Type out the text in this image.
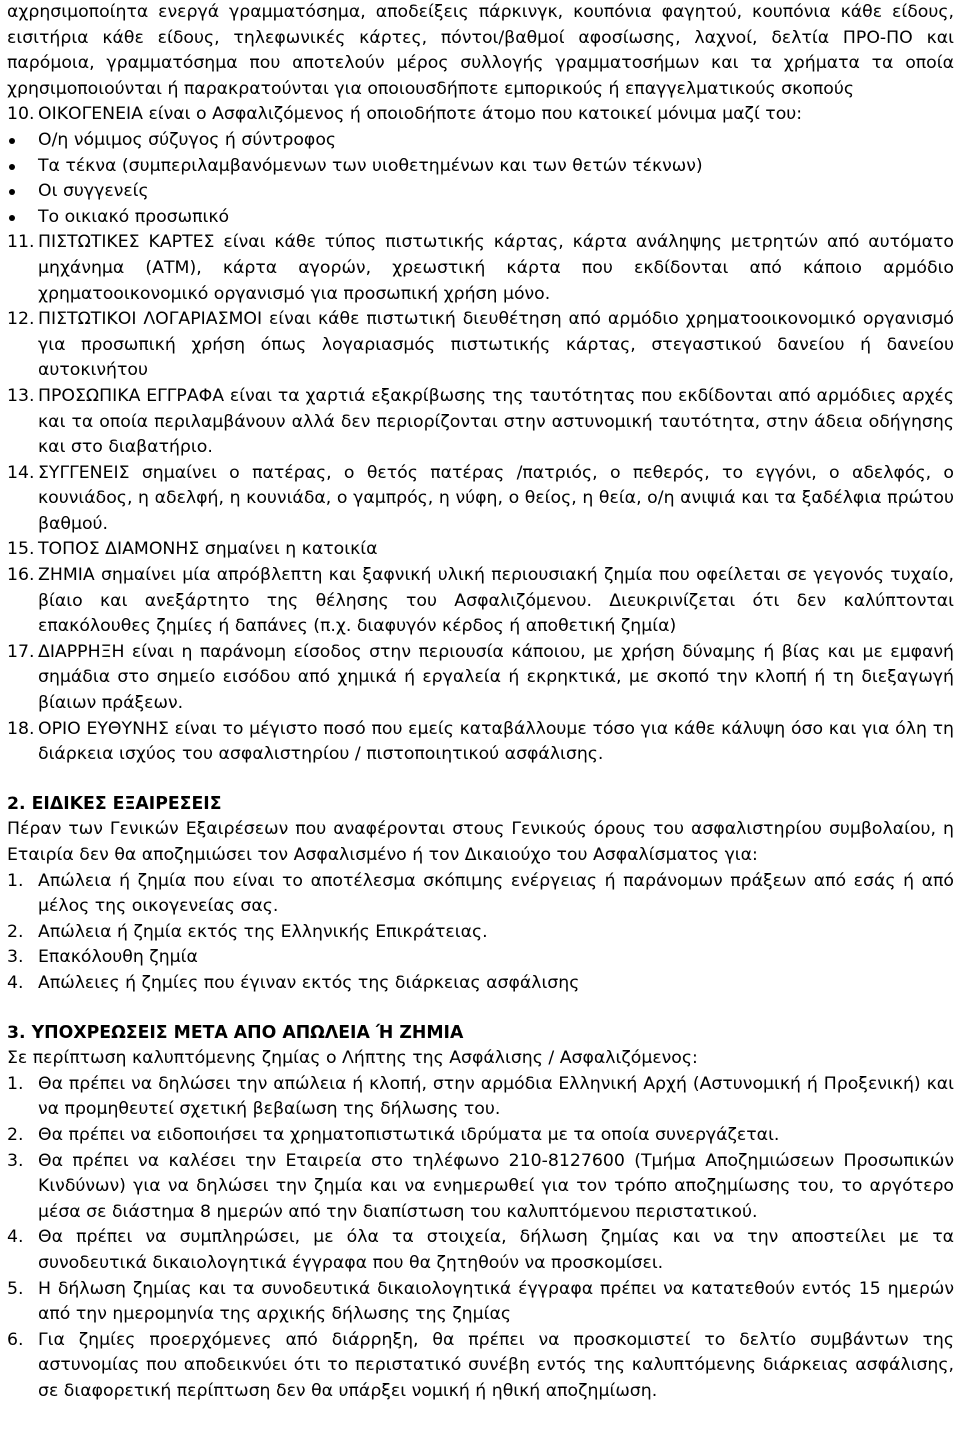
αχρησιμοποίητα ενεργά γραμματόσημα, αποδείξεις πάρκινγκ, κουπόνια φαγητού, κουπόνια κάθε είδους, εισιτήρια κάθε είδους, τηλεφωνικές κάρτες, πόντοι/βαθμοί αφοσίωσης, λαχνοί, δελτία ΠΡΟ-ΠΟ και παρόμοια, γραμματόσημα που αποτελούν μέρος συλλογής γραμματοσήμων και τα χρήματα τα οποία χρησιμοποιούνται ή παρακρατούνται για οποιουσδήποτε εμπορικούς ή επαγγελματικούς σκοπούς

10. ΟΙΚΟΓΕΝΕΙΑ είναι ο Ασφαλιζόμενος ή οποιοδήποτε άτομο που κατοικεί μόνιμα μαζί του:
Ο/η νόμιμος σύζυγος ή σύντροφος
Τα τέκνα (συμπεριλαμβανόμενων των υιοθετημένων και των θετών τέκνων)
Οι συγγενείς
Το οικιακό προσωπικό
11. ΠΙΣΤΩΤΙΚΕΣ ΚΑΡΤΕΣ είναι κάθε τύπος πιστωτικής κάρτας, κάρτα ανάληψης μετρητών από αυτόματο μηχάνημα (ΑΤΜ), κάρτα αγορών, χρεωστική κάρτα που εκδίδονται από κάποιο αρμόδιο χρηματοοικονομικό οργανισμό για προσωπική χρήση μόνο.
12. ΠΙΣΤΩΤΙΚΟΙ ΛΟΓΑΡΙΑΣΜΟΙ είναι κάθε πιστωτική διευθέτηση από αρμόδιο χρηματοοικονομικό οργανισμό για προσωπική χρήση όπως λογαριασμός πιστωτικής κάρτας, στεγαστικού δανείου ή δανείου αυτοκινήτου
13. ΠΡΟΣΩΠΙΚΑ ΕΓΓΡΑΦΑ είναι τα χαρτιά εξακρίβωσης της ταυτότητας που εκδίδονται από αρμόδιες αρχές και τα οποία περιλαμβάνουν αλλά δεν περιορίζονται στην αστυνομική ταυτότητα, στην άδεια οδήγησης και στο διαβατήριο.
14. ΣΥΓΓΕΝΕΙΣ σημαίνει ο πατέρας, ο θετός πατέρας /πατριός, ο πεθερός, το εγγόνι, ο αδελφός, ο κουνιάδος, η αδελφή, η κουνιάδα, ο γαμπρός, η νύφη, ο θείος, η θεία, ο/η ανιψιά και τα ξαδέλφια πρώτου βαθμού.
15. ΤΟΠΟΣ ΔΙΑΜΟΝΗΣ σημαίνει η κατοικία
16. ΖΗΜΙΑ σημαίνει μία απρόβλεπτη και ξαφνική υλική περιουσιακή ζημία που οφείλεται σε γεγονός τυχαίο, βίαιο και ανεξάρτητο της θέλησης του Ασφαλιζόμενου. Διευκρινίζεται ότι δεν καλύπτονται επακόλουθες ζημίες ή δαπάνες (π.χ. διαφυγόν κέρδος ή αποθετική ζημία)
17. ΔΙΑΡΡΗΞΗ είναι η παράνομη είσοδος στην περιουσία κάποιου, με χρήση δύναμης ή βίας και με εμφανή σημάδια στο σημείο εισόδου από χημικά ή εργαλεία ή εκρηκτικά, με σκοπό την κλοπή ή τη διεξαγωγή βίαιων πράξεων.
18. ΟΡΙΟ ΕΥΘΥΝΗΣ είναι το μέγιστο ποσό που εμείς καταβάλλουμε τόσο για κάθε κάλυψη όσο και για όλη τη διάρκεια ισχύος του ασφαλιστηρίου / πιστοποιητικού ασφάλισης.

2. ΕΙΔΙΚΕΣ ΕΞΑΙΡΕΣΕΙΣ

Πέραν των Γενικών Εξαιρέσεων που αναφέρονται στους Γενικούς όρους του ασφαλιστηρίου συμβολαίου, η Εταιρία δεν θα αποζημιώσει τον Ασφαλισμένο ή τον Δικαιούχο του Ασφαλίσματος για:

1. Απώλεια ή ζημία που είναι το αποτέλεσμα σκόπιμης ενέργειας ή παράνομων πράξεων από εσάς ή από μέλος της οικογενείας σας.
2. Απώλεια ή ζημία εκτός της Ελληνικής Επικράτειας.
3. Επακόλουθη ζημία
4. Απώλειες ή ζημίες που έγιναν εκτός της διάρκειας ασφάλισης

3. ΥΠΟΧΡΕΩΣΕΙΣ ΜΕΤΑ ΑΠΟ ΑΠΩΛΕΙΑ Ή ΖΗΜΙΑ

Σε περίπτωση καλυπτόμενης ζημίας ο Λήπτης της Ασφάλισης / Ασφαλιζόμενος:

1. Θα πρέπει να δηλώσει την απώλεια ή κλοπή, στην αρμόδια Ελληνική Αρχή (Αστυνομική ή Προξενική) και να προμηθευτεί σχετική βεβαίωση της δήλωσης του.
2. Θα πρέπει να ειδοποιήσει τα χρηματοπιστωτικά ιδρύματα με τα οποία συνεργάζεται.
3. Θα πρέπει να καλέσει την Εταιρεία στο τηλέφωνο 210-8127600 (Τμήμα Αποζημιώσεων Προσωπικών Κινδύνων) για να δηλώσει την ζημία και να ενημερωθεί για τον τρόπο αποζημίωσης του, το αργότερο μέσα σε διάστημα 8 ημερών από την διαπίστωση του καλυπτόμενου περιστατικού.
4. Θα πρέπει να συμπληρώσει, με όλα τα στοιχεία, δήλωση ζημίας και να την αποστείλει με τα συνοδευτικά δικαιολογητικά έγγραφα που θα ζητηθούν να προσκομίσει.
5. Η δήλωση ζημίας και τα συνοδευτικά δικαιολογητικά έγγραφα πρέπει να κατατεθούν εντός 15 ημερών από την ημερομηνία της αρχικής δήλωσης της ζημίας
6. Για ζημίες προερχόμενες από διάρρηξη, θα πρέπει να προσκομιστεί το δελτίο συμβάντων της αστυνομίας που αποδεικνύει ότι το περιστατικό συνέβη εντός της καλυπτόμενης διάρκειας ασφάλισης, σε διαφορετική περίπτωση δεν θα υπάρξει νομική ή ηθική αποζημίωση.
